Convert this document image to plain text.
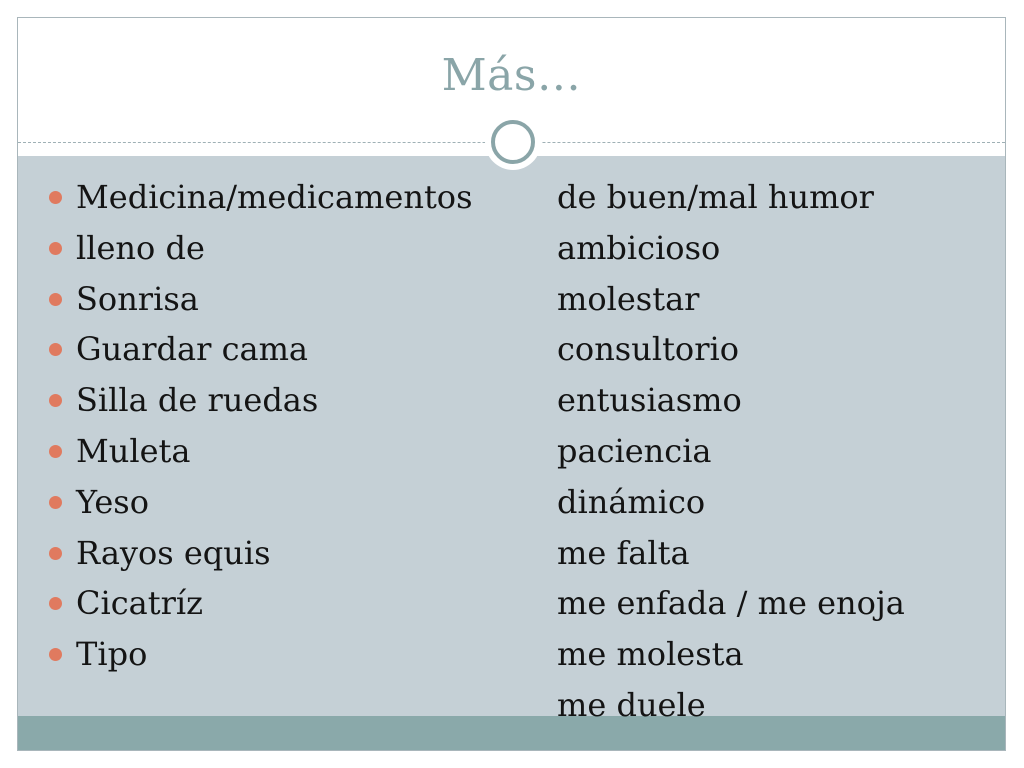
Más…
Medicina/medicamentos
lleno de
Sonrisa
Guardar cama
Silla de ruedas
Muleta
Yeso
Rayos equis
Cicatríz
Tipo
de buen/mal humor
ambicioso
molestar
consultorio
entusiasmo
paciencia
dinámico
me falta
me enfada / me enoja
me molesta
me duele
